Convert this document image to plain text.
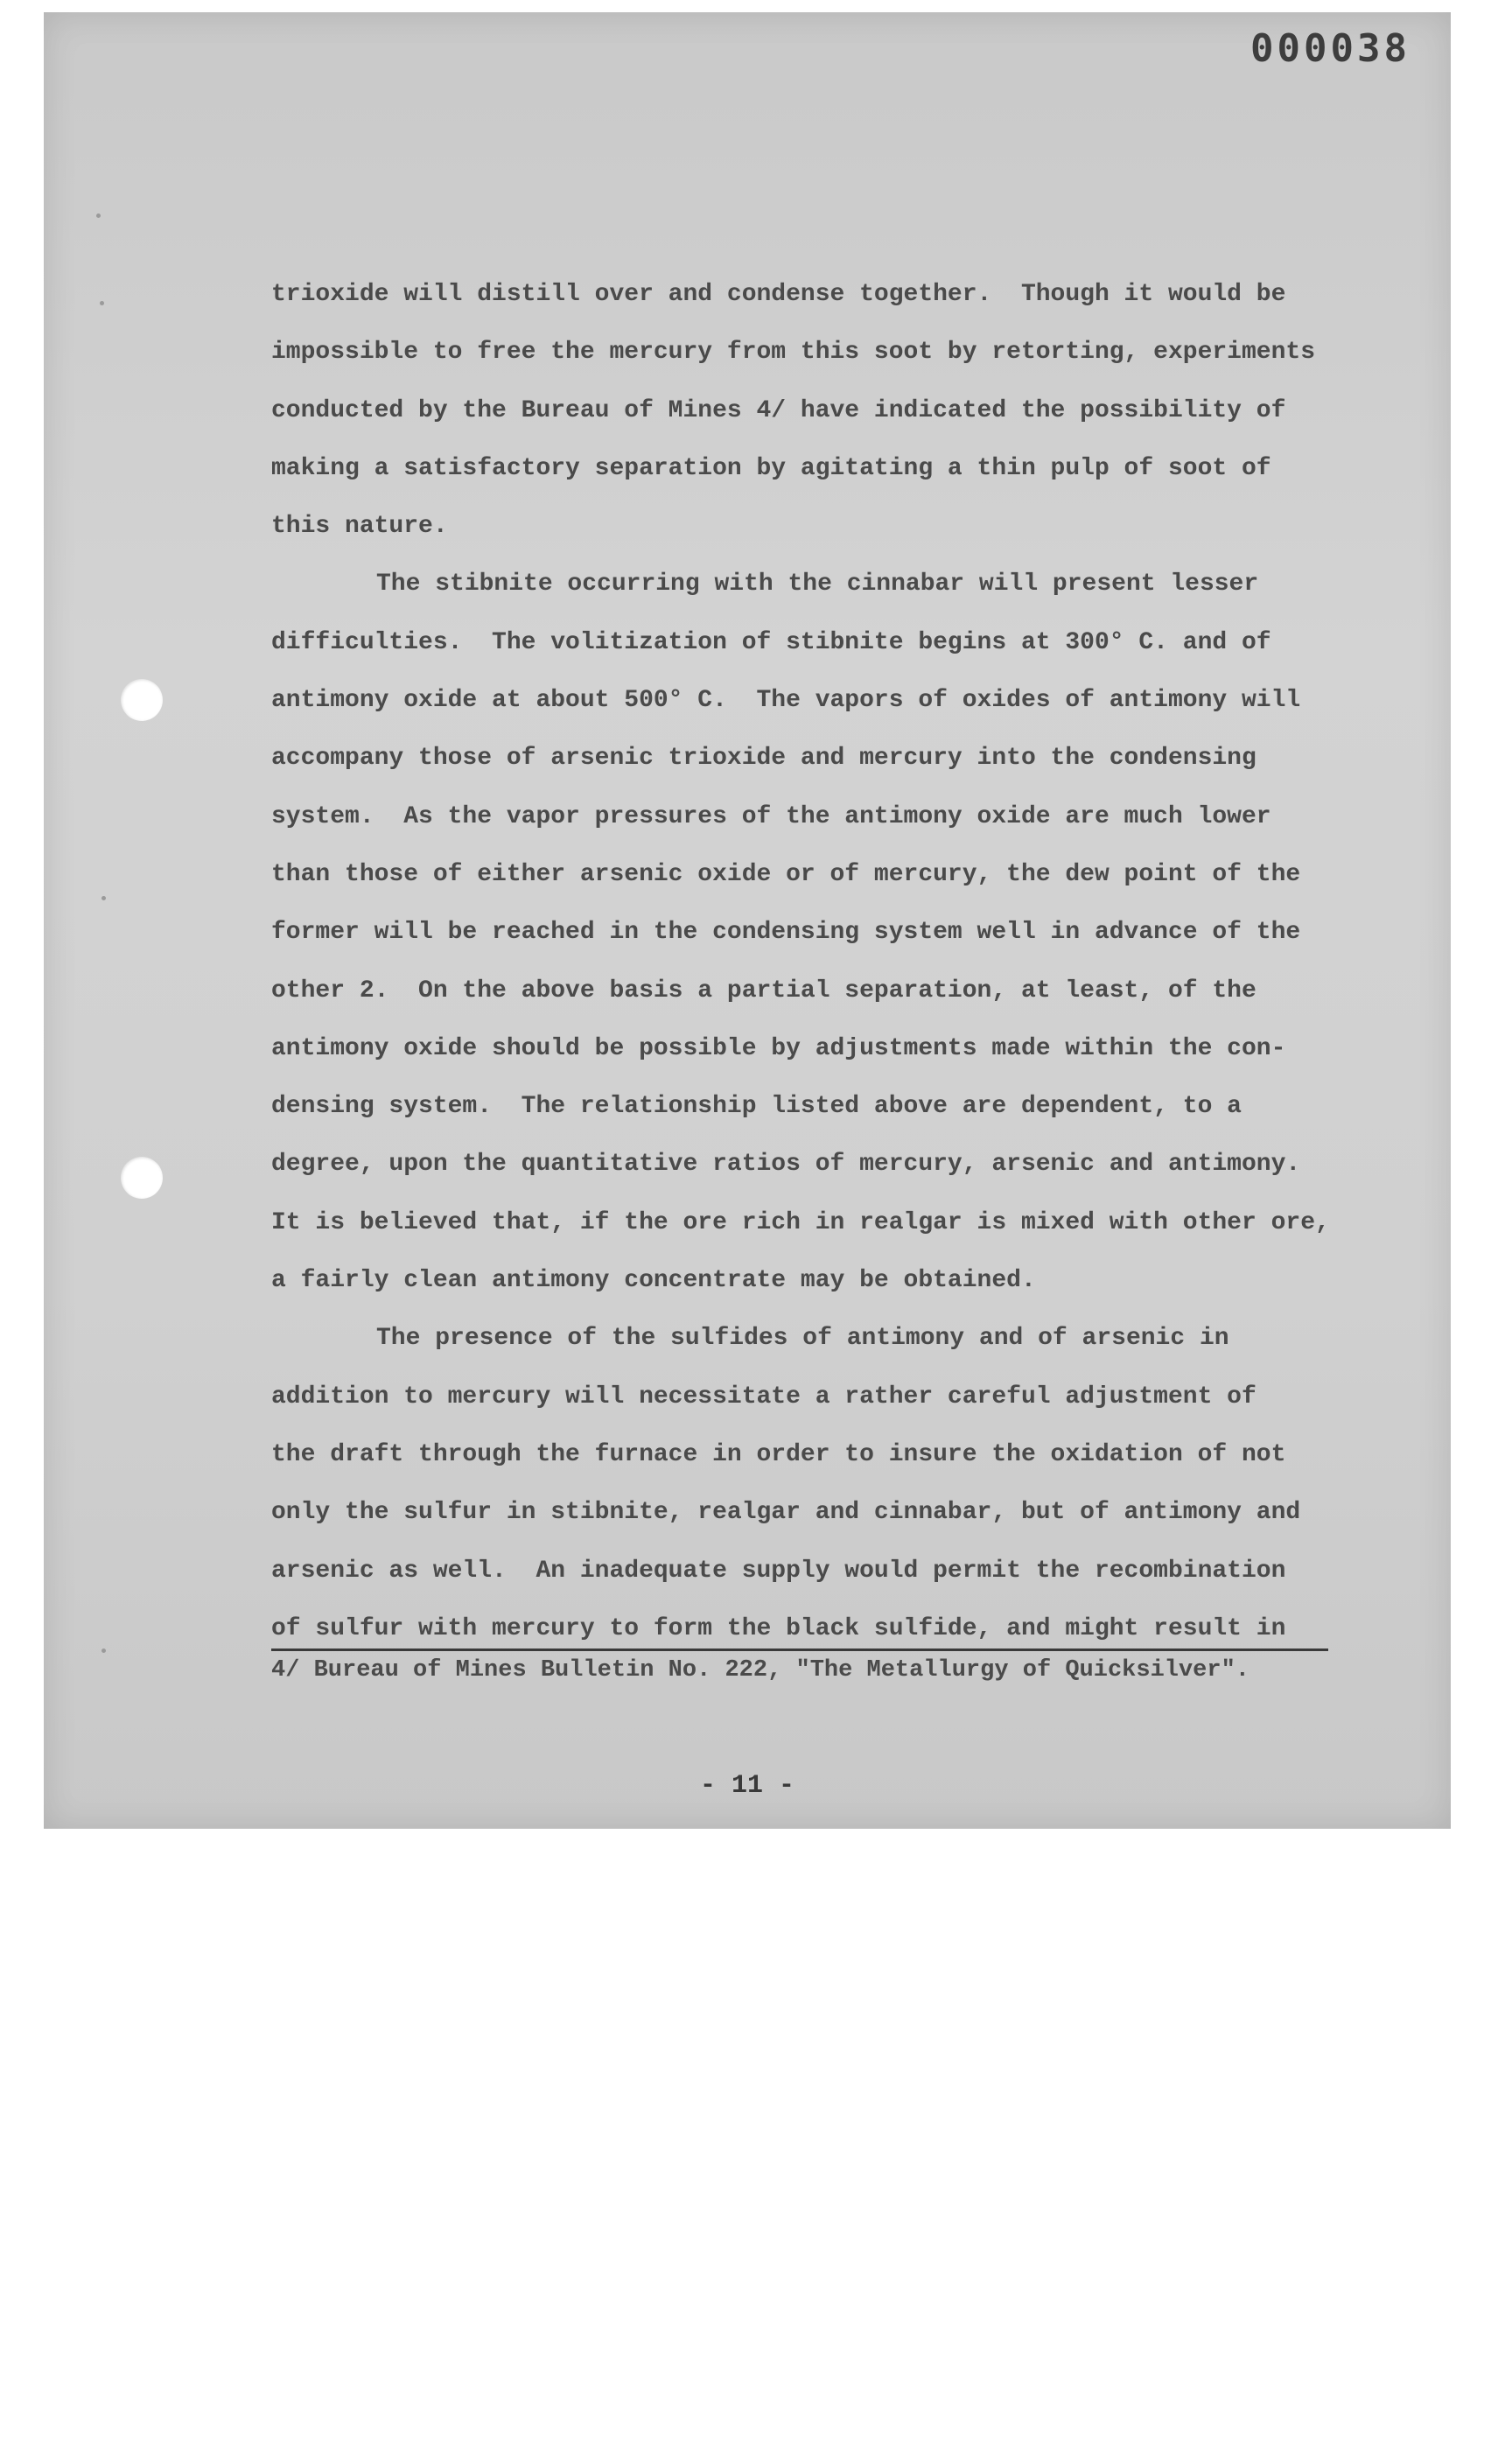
000038
trioxide will distill over and condense together.  Though it would be
impossible to free the mercury from this soot by retorting, experiments
conducted by the Bureau of Mines 4/ have indicated the possibility of
making a satisfactory separation by agitating a thin pulp of soot of
this nature.
The stibnite occurring with the cinnabar will present lesser
difficulties.  The volitization of stibnite begins at 300° C. and of
antimony oxide at about 500° C.  The vapors of oxides of antimony will
accompany those of arsenic trioxide and mercury into the condensing
system.  As the vapor pressures of the antimony oxide are much lower
than those of either arsenic oxide or of mercury, the dew point of the
former will be reached in the condensing system well in advance of the
other 2.  On the above basis a partial separation, at least, of the
antimony oxide should be possible by adjustments made within the con-
densing system.  The relationship listed above are dependent, to a
degree, upon the quantitative ratios of mercury, arsenic and antimony.
It is believed that, if the ore rich in realgar is mixed with other ore,
a fairly clean antimony concentrate may be obtained.
The presence of the sulfides of antimony and of arsenic in
addition to mercury will necessitate a rather careful adjustment of
the draft through the furnace in order to insure the oxidation of not
only the sulfur in stibnite, realgar and cinnabar, but of antimony and
arsenic as well.  An inadequate supply would permit the recombination
of sulfur with mercury to form the black sulfide, and might result in
4/ Bureau of Mines Bulletin No. 222, "The Metallurgy of Quicksilver".
- 11 -
